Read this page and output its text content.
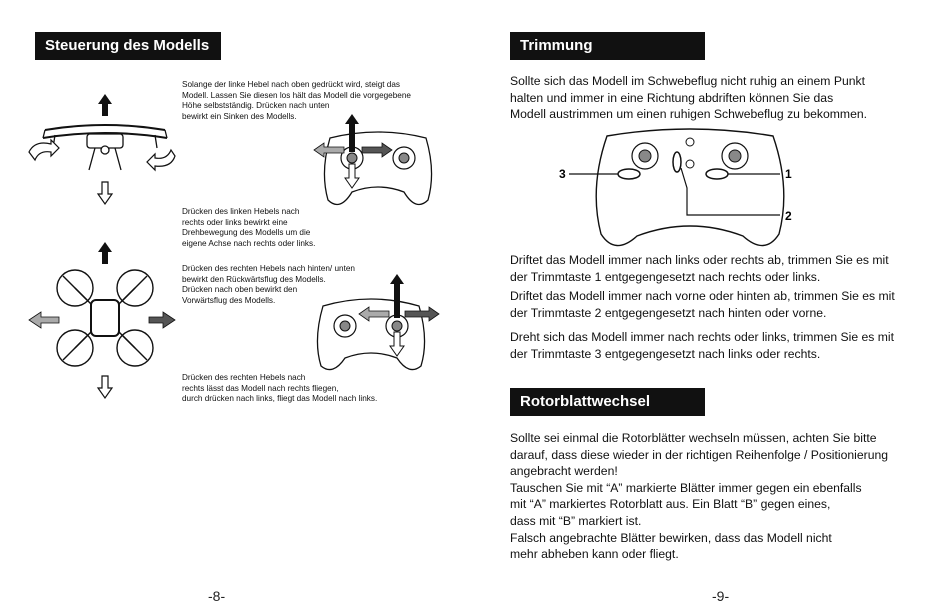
Steuerung des Modells
Solange der linke Hebel nach oben gedrückt wird, steigt das
Modell. Lassen Sie diesen los hält das Modell die vorgegebene
Höhe selbstständig. Drücken nach unten
bewirkt ein Sinken des Modells.
Drücken des linken Hebels nach
rechts oder links bewirkt eine
Drehbewegung des Modells um die
eigene Achse nach rechts oder links.
Drücken des rechten Hebels nach hinten/ unten
bewirkt den Rückwärtsflug des Modells.
Drücken nach oben bewirkt den
Vorwärtsflug des Modells.
Drücken des rechten Hebels nach
rechts lässt das Modell nach rechts fliegen,
durch drücken nach links, fliegt das Modell nach links.
-8-
Trimmung
Sollte sich das Modell im Schwebeflug nicht ruhig an einem Punkt
halten und immer in eine Richtung abdriften können Sie das
Modell austrimmen um einen ruhigen Schwebeflug zu bekommen.
3	1
2
Driftet das Modell immer nach links oder rechts ab, trimmen Sie es mit
der Trimmtaste 1 entgegengesetzt nach rechts oder links.
Driftet das Modell immer nach vorne oder hinten ab, trimmen Sie es mit
der Trimmtaste 2 entgegengesetzt nach hinten oder vorne.
Dreht sich das Modell immer nach rechts oder links, trimmen Sie es mit
der Trimmtaste 3 entgegengesetzt nach links oder rechts.
Rotorblattwechsel
Sollte sei einmal die Rotorblätter wechseln müssen, achten Sie bitte
darauf, dass diese wieder in der richtigen Reihenfolge / Positionierung
angebracht werden!
Tauschen Sie mit “A” markierte Blätter immer gegen ein ebenfalls
mit “A” markiertes Rotorblatt aus. Ein Blatt “B” gegen eines,
dass mit “B” markiert ist.
Falsch angebrachte Blätter bewirken, dass das Modell nicht
mehr abheben kann oder fliegt.
-9-
